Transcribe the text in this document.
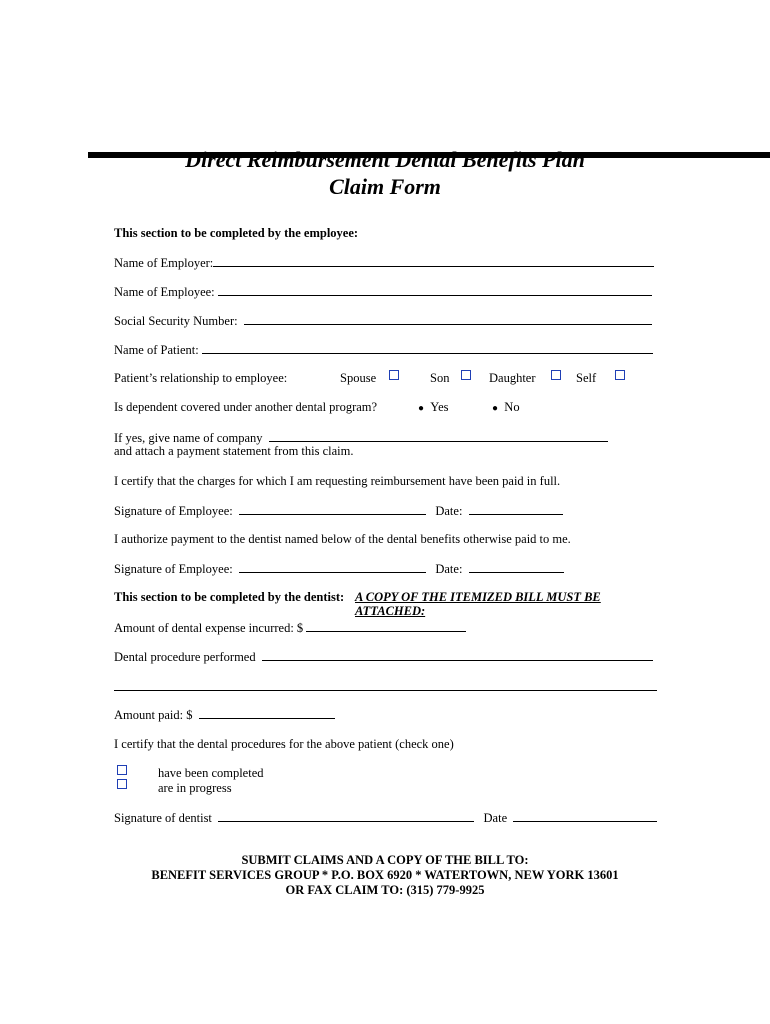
Direct Reimbursement Dental Benefits Plan
Claim Form
This section to be completed by the employee:
Name of Employer:
Name of Employee:
Social Security Number:
Name of Patient:
Patient’s relationship to employee:	Spouse	Son	Daughter	Self
Is dependent covered under another dental program?	● Yes	● No
If yes, give name of company
and attach a payment statement from this claim.
I certify that the charges for which I am requesting reimbursement have been paid in full.
Signature of Employee:	Date:
I authorize payment to the dentist named below of the dental benefits otherwise paid to me.
Signature of Employee:	Date:
This section to be completed by the dentist: A COPY OF THE ITEMIZED BILL MUST BE ATTACHED:
Amount of dental expense incurred: $
Dental procedure performed
Amount paid: $
I certify that the dental procedures for the above patient (check one)
have been completed
are in progress
Signature of dentist	Date
SUBMIT CLAIMS AND A COPY OF THE BILL TO:
BENEFIT SERVICES GROUP * P.O. BOX 6920 * WATERTOWN, NEW YORK 13601
OR FAX CLAIM TO: (315) 779-9925
